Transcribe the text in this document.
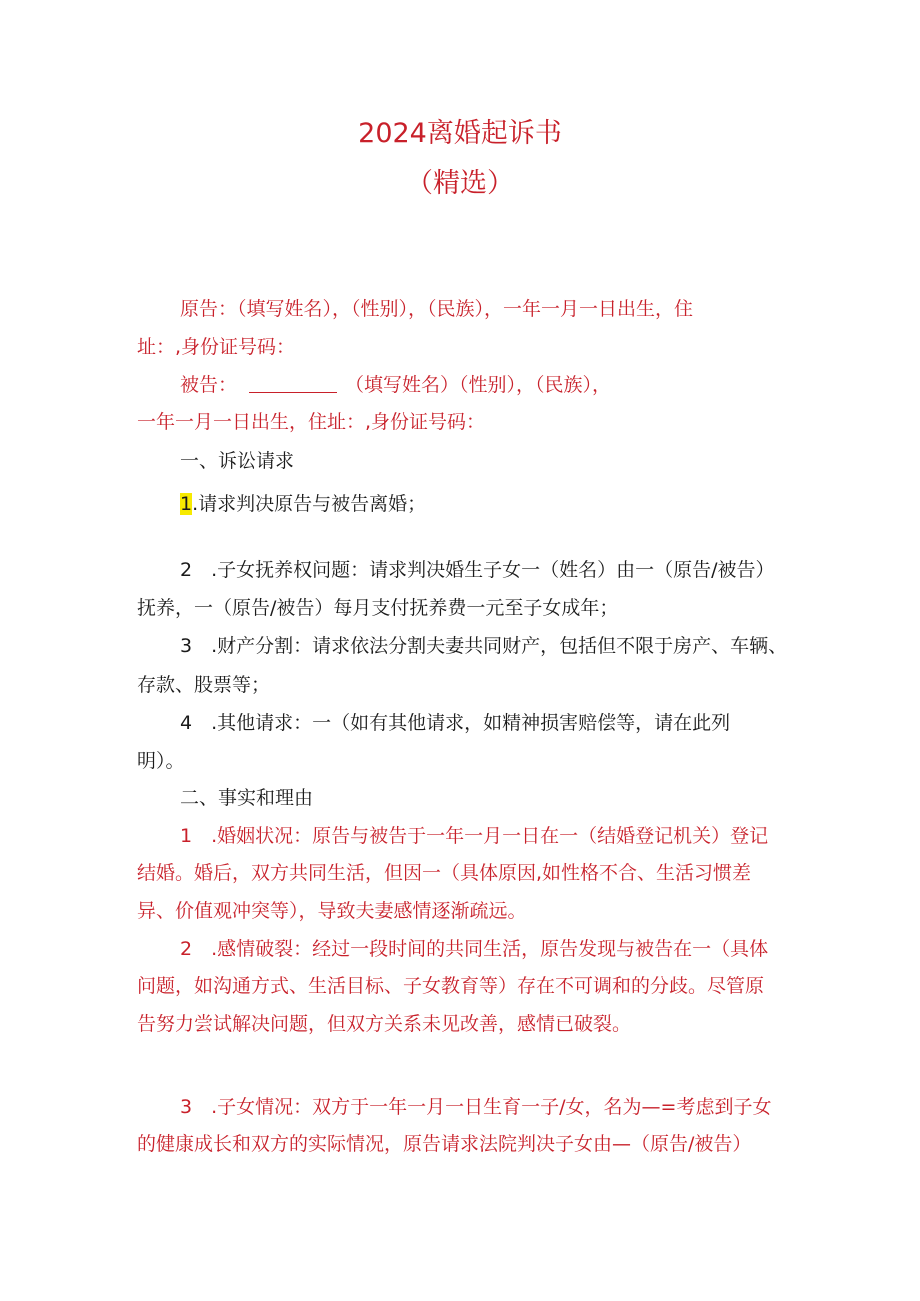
2024离婚起诉书
（精选）
原告：（填写姓名），（性别），（民族），一年一月一日出生，住
址：,身份证号码：
被告：	（填写姓名）（性别），（民族），
一年一月一日出生，住址：,身份证号码：
一、诉讼请求
1.请求判决原告与被告离婚；
2　.子女抚养权问题：请求判决婚生子女一（姓名）由一（原告/被告）
抚养，一（原告/被告）每月支付抚养费一元至子女成年；
3　.财产分割：请求依法分割夫妻共同财产，包括但不限于房产、车辆、
存款、股票等；
4　.其他请求：一（如有其他请求，如精神损害赔偿等，请在此列
明）。
二、事实和理由
1　.婚姻状况：原告与被告于一年一月一日在一（结婚登记机关）登记
结婚。婚后，双方共同生活，但因一（具体原因,如性格不合、生活习惯差
异、价值观冲突等），导致夫妻感情逐渐疏远。
2　.感情破裂：经过一段时间的共同生活，原告发现与被告在一（具体
问题，如沟通方式、生活目标、子女教育等）存在不可调和的分歧。尽管原
告努力尝试解决问题，但双方关系未见改善，感情已破裂。
3　.子女情况：双方于一年一月一日生育一子/女，名为—=考虑到子女
的健康成长和双方的实际情况，原告请求法院判决子女由—（原告/被告）
